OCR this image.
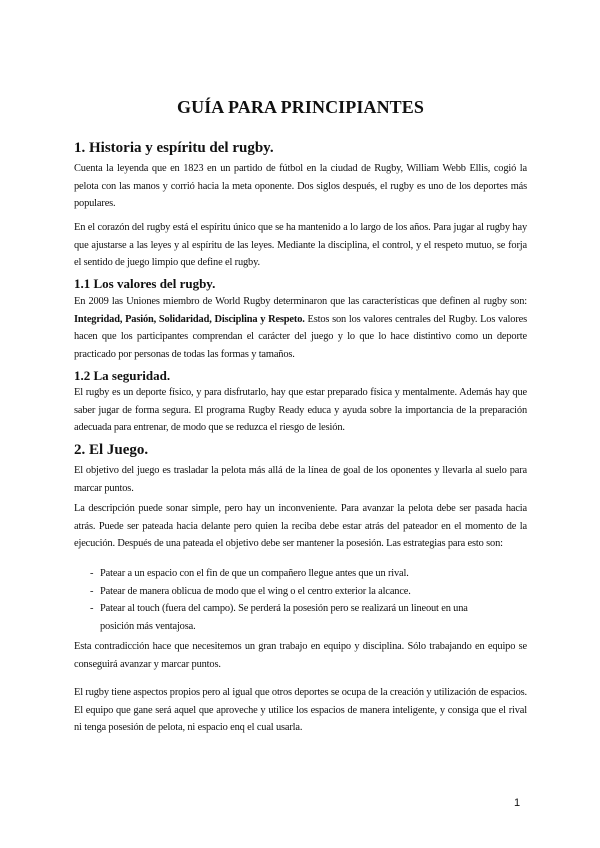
GUÍA PARA PRINCIPIANTES
1. Historia y espíritu del rugby.

Cuenta la leyenda que en 1823 en un partido de fútbol en la ciudad de Rugby, William Webb Ellis, cogió la pelota con las manos y corrió hacia la meta oponente. Dos siglos después, el rugby es uno de los deportes más populares.

En el corazón del rugby está el espíritu único que se ha mantenido a lo largo de los años. Para jugar al rugby hay que ajustarse a las leyes y al espíritu de las leyes. Mediante la disciplina, el control, y el respeto mutuo, se forja el sentido de juego limpio que define el rugby.

1.1 Los valores del rugby.

En 2009 las Uniones miembro de World Rugby determinaron que las características que definen al rugby son: Integridad, Pasión, Solidaridad, Disciplina y Respeto. Estos son los valores centrales del Rugby. Los valores hacen que los participantes comprendan el carácter del juego y lo que lo hace distintivo como un deporte practicado por personas de todas las formas y tamaños.

1.2 La seguridad.

El rugby es un deporte físico, y para disfrutarlo, hay que estar preparado física y mentalmente. Además hay que saber jugar de forma segura. El programa Rugby Ready educa y ayuda sobre la importancia de la preparación adecuada para entrenar, de modo que se reduzca el riesgo de lesión.

2. El Juego.

El objetivo del juego es trasladar la pelota más allá de la línea de goal de los oponentes y llevarla al suelo para marcar puntos.

La descripción puede sonar simple, pero hay un inconveniente. Para avanzar la pelota debe ser pasada hacia atrás. Puede ser pateada hacia delante pero quien la reciba debe estar atrás del pateador en el momento de la ejecución. Después de una pateada el objetivo debe ser mantener la posesión. Las estrategias para esto son:

- Patear a un espacio con el fin de que un compañero llegue antes que un rival.
- Patear de manera oblicua de modo que el wing o el centro exterior la alcance.
- Patear al touch (fuera del campo). Se perderá la posesión pero se realizará un lineout en una posición más ventajosa.

Esta contradicción hace que necesitemos un gran trabajo en equipo y disciplina. Sólo trabajando en equipo se conseguirá avanzar y marcar puntos.

El rugby tiene aspectos propios pero al igual que otros deportes se ocupa de la creación y utilización de espacios. El equipo que gane será aquel que aproveche y utilice los espacios de manera inteligente, y consiga que el rival ni tenga posesión de pelota, ni espacio enq el cual usarla.

1
